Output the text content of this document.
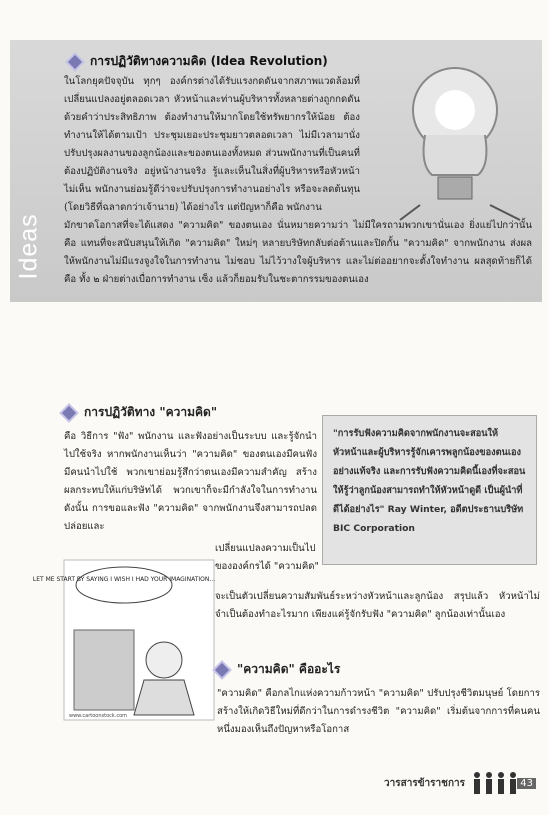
Ideas
การปฏิวัติทางความคิด (Idea Revolution)
ในโลกยุคปัจจุบัน ทุกๆ องค์กรต่างได้รับแรงกดดันจากสภาพแวดล้อมที่เปลี่ยนแปลงอยู่ตลอดเวลา หัวหน้าและท่านผู้บริหารทั้งหลายต่างถูกกดดันด้วยคำว่าประสิทธิภาพ ต้องทำงานให้มากโดยใช้ทรัพยากรให้น้อย ต้องทำงานให้ได้ตามเป้า ประชุมเยอะประชุมยาวตลอดเวลา ไม่มีเวลามานั่งปรับปรุงผลงานของลูกน้องและของตนเองทั้งหมด ส่วนพนักงานที่เป็นคนที่ต้องปฏิบัติงานจริง อยู่หน้างานจริง รู้และเห็นในสิ่งที่ผู้บริหารหรือหัวหน้าไม่เห็น พนักงานย่อมรู้ดีว่าจะปรับปรุงการทำงานอย่างไร หรือจะลดต้นทุน (โดยวิธีที่ฉลาดกว่าเจ้านาย) ได้อย่างไร แต่ปัญหาก็คือ พนักงาน
มักขาดโอกาสที่จะได้แสดง "ความคิด" ของตนเอง นั่นหมายความว่า ไม่มีใครถามพวกเขานั่นเอง ยิ่งแย่ไปกว่านั้น คือ แทนที่จะสนับสนุนให้เกิด "ความคิด" ใหม่ๆ หลายบริษัทกลับต่อต้านและปิดกั้น "ความคิด" จากพนักงาน ส่งผลให้พนักงานไม่มีแรงจูงใจในการทำงาน ไม่ชอบ ไม่ไว้วางใจผู้บริหาร และไม่ต่ออยากจะตั้งใจทำงาน ผลสุดท้ายก็ได้ คือ ทั้ง ๒ ฝ่ายต่างเบื่อการทำงาน เซ็ง แล้วก็ยอมรับในชะตากรรมของตนเอง
การปฏิวัติทาง "ความคิด"
คือ วิธีการ "ฟัง" พนักงาน และฟังอย่างเป็นระบบ และรู้จักนำไปใช้จริง หากพนักงานเห็นว่า "ความคิด" ของตนเองมีคนฟัง มีคนนำไปใช้ พวกเขาย่อมรู้สึกว่าตนเองมีความสำคัญ สร้างผลกระทบให้แก่บริษัทได้ พวกเขาก็จะมีกำลังใจในการทำงาน ดังนั้น การขอและฟัง "ความคิด" จากพนักงานจึงสามารถปลดปล่อยและ
"การรับฟังความคิดจากพนักงานจะสอนให้หัวหน้าและผู้บริหารรู้จักเคารพลูกน้องของตนเองอย่างแท้จริง และการรับฟังความคิดนี้เองที่จะสอนให้รู้ว่าลูกน้องสามารถทำให้หัวหน้าดูดี เป็นผู้นำที่ดีได้อย่างไร" Ray Winter, อดีตประธานบริษัท BIC Corporation
LET ME START BY SAYING I WISH I HAD YOUR IMAGINATION...
www.cartoonstock.com
เปลี่ยนแปลงความเป็นไปขององค์กรได้ "ความคิด"
จะเป็นตัวเปลี่ยนความสัมพันธ์ระหว่างหัวหน้าและลูกน้อง สรุปแล้ว หัวหน้าไม่จำเป็นต้องทำอะไรมาก เพียงแค่รู้จักรับฟัง "ความคิด" ลูกน้องเท่านั้นเอง
"ความคิด" คืออะไร
"ความคิด" คือกลไกแห่งความก้าวหน้า "ความคิด" ปรับปรุงชีวิตมนุษย์ โดยการสร้างให้เกิดวิธีใหม่ที่ดีกว่าในการดำรงชีวิต "ความคิด" เริ่มต้นจากการที่คนคนหนึ่งมองเห็นถึงปัญหาหรือโอกาส
วารสารข้าราชการ	43
